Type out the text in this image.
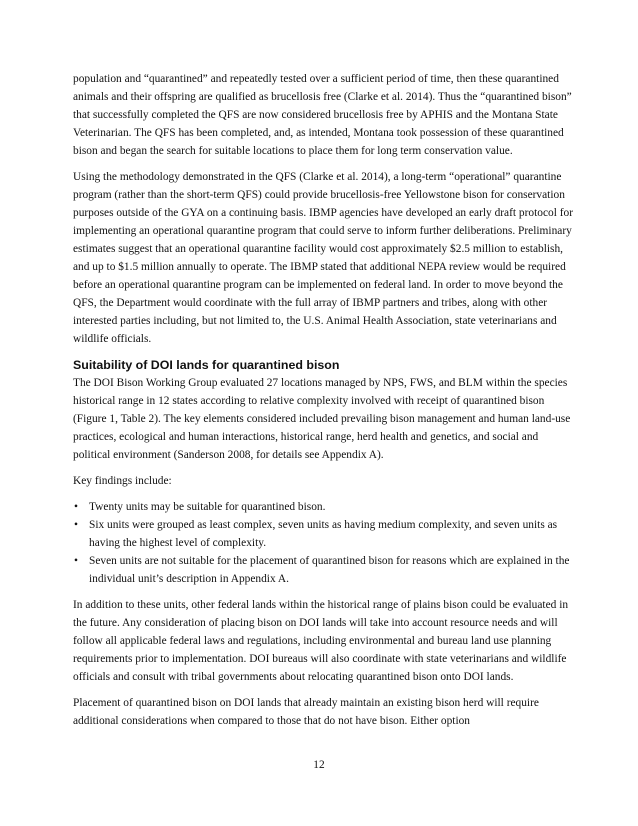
population and “quarantined” and repeatedly tested over a sufficient period of time, then these quarantined animals and their offspring are qualified as brucellosis free (Clarke et al. 2014). Thus the “quarantined bison” that successfully completed the QFS are now considered brucellosis free by APHIS and the Montana State Veterinarian. The QFS has been completed, and, as intended, Montana took possession of these quarantined bison and began the search for suitable locations to place them for long term conservation value.

Using the methodology demonstrated in the QFS (Clarke et al. 2014), a long-term “operational” quarantine program (rather than the short-term QFS) could provide brucellosis-free Yellowstone bison for conservation purposes outside of the GYA on a continuing basis. IBMP agencies have developed an early draft protocol for implementing an operational quarantine program that could serve to inform further deliberations. Preliminary estimates suggest that an operational quarantine facility would cost approximately $2.5 million to establish, and up to $1.5 million annually to operate. The IBMP stated that additional NEPA review would be required before an operational quarantine program can be implemented on federal land. In order to move beyond the QFS, the Department would coordinate with the full array of IBMP partners and tribes, along with other interested parties including, but not limited to, the U.S. Animal Health Association, state veterinarians and wildlife officials.

Suitability of DOI lands for quarantined bison

The DOI Bison Working Group evaluated 27 locations managed by NPS, FWS, and BLM within the species historical range in 12 states according to relative complexity involved with receipt of quarantined bison (Figure 1, Table 2). The key elements considered included prevailing bison management and human land-use practices, ecological and human interactions, historical range, herd health and genetics, and social and political environment (Sanderson 2008, for details see Appendix A).

Key findings include:

• Twenty units may be suitable for quarantined bison.
• Six units were grouped as least complex, seven units as having medium complexity, and seven units as having the highest level of complexity.
• Seven units are not suitable for the placement of quarantined bison for reasons which are explained in the individual unit’s description in Appendix A.

In addition to these units, other federal lands within the historical range of plains bison could be evaluated in the future. Any consideration of placing bison on DOI lands will take into account resource needs and will follow all applicable federal laws and regulations, including environmental and bureau land use planning requirements prior to implementation. DOI bureaus will also coordinate with state veterinarians and wildlife officials and consult with tribal governments about relocating quarantined bison onto DOI lands.

Placement of quarantined bison on DOI lands that already maintain an existing bison herd will require additional considerations when compared to those that do not have bison. Either option

12
